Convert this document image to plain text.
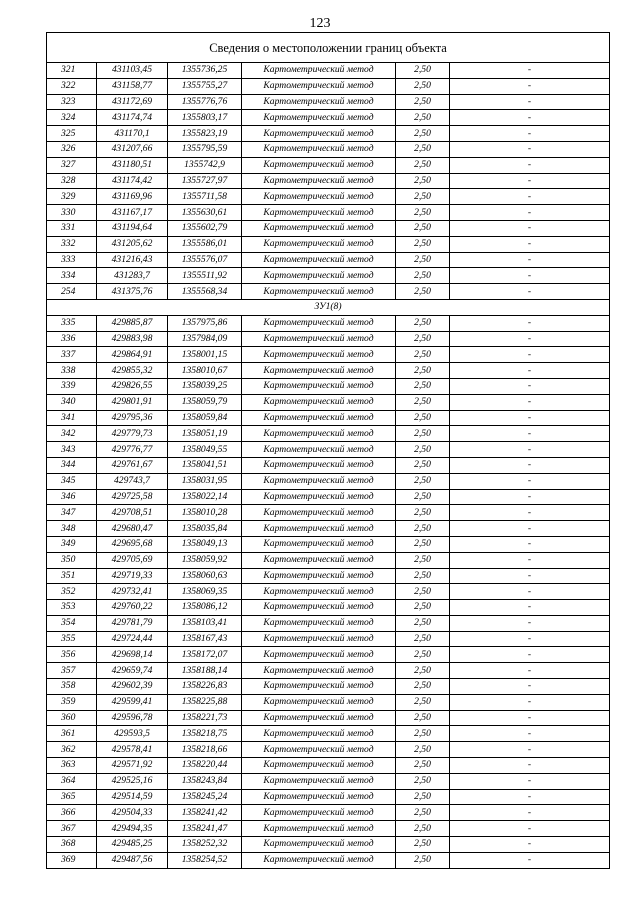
123
Сведения о местоположении границ объекта					
321	431103,45	1355736,25	Картометрический метод	2,50	-
322	431158,77	1355755,27	Картометрический метод	2,50	-
323	431172,69	1355776,76	Картометрический метод	2,50	-
324	431174,74	1355803,17	Картометрический метод	2,50	-
325	431170,1	1355823,19	Картометрический метод	2,50	-
326	431207,66	1355795,59	Картометрический метод	2,50	-
327	431180,51	1355742,9	Картометрический метод	2,50	-
328	431174,42	1355727,97	Картометрический метод	2,50	-
329	431169,96	1355711,58	Картометрический метод	2,50	-
330	431167,17	1355630,61	Картометрический метод	2,50	-
331	431194,64	1355602,79	Картометрический метод	2,50	-
332	431205,62	1355586,01	Картометрический метод	2,50	-
333	431216,43	1355576,07	Картометрический метод	2,50	-
334	431283,7	1355511,92	Картометрический метод	2,50	-
254	431375,76	1355568,34	Картометрический метод	2,50	-
ЗУ1(8)					
335	429885,87	1357975,86	Картометрический метод	2,50	-
336	429883,98	1357984,09	Картометрический метод	2,50	-
337	429864,91	1358001,15	Картометрический метод	2,50	-
338	429855,32	1358010,67	Картометрический метод	2,50	-
339	429826,55	1358039,25	Картометрический метод	2,50	-
340	429801,91	1358059,79	Картометрический метод	2,50	-
341	429795,36	1358059,84	Картометрический метод	2,50	-
342	429779,73	1358051,19	Картометрический метод	2,50	-
343	429776,77	1358049,55	Картометрический метод	2,50	-
344	429761,67	1358041,51	Картометрический метод	2,50	-
345	429743,7	1358031,95	Картометрический метод	2,50	-
346	429725,58	1358022,14	Картометрический метод	2,50	-
347	429708,51	1358010,28	Картометрический метод	2,50	-
348	429680,47	1358035,84	Картометрический метод	2,50	-
349	429695,68	1358049,13	Картометрический метод	2,50	-
350	429705,69	1358059,92	Картометрический метод	2,50	-
351	429719,33	1358060,63	Картометрический метод	2,50	-
352	429732,41	1358069,35	Картометрический метод	2,50	-
353	429760,22	1358086,12	Картометрический метод	2,50	-
354	429781,79	1358103,41	Картометрический метод	2,50	-
355	429724,44	1358167,43	Картометрический метод	2,50	-
356	429698,14	1358172,07	Картометрический метод	2,50	-
357	429659,74	1358188,14	Картометрический метод	2,50	-
358	429602,39	1358226,83	Картометрический метод	2,50	-
359	429599,41	1358225,88	Картометрический метод	2,50	-
360	429596,78	1358221,73	Картометрический метод	2,50	-
361	429593,5	1358218,75	Картометрический метод	2,50	-
362	429578,41	1358218,66	Картометрический метод	2,50	-
363	429571,92	1358220,44	Картометрический метод	2,50	-
364	429525,16	1358243,84	Картометрический метод	2,50	-
365	429514,59	1358245,24	Картометрический метод	2,50	-
366	429504,33	1358241,42	Картометрический метод	2,50	-
367	429494,35	1358241,47	Картометрический метод	2,50	-
368	429485,25	1358252,32	Картометрический метод	2,50	-
369	429487,56	1358254,52	Картометрический метод	2,50	-
